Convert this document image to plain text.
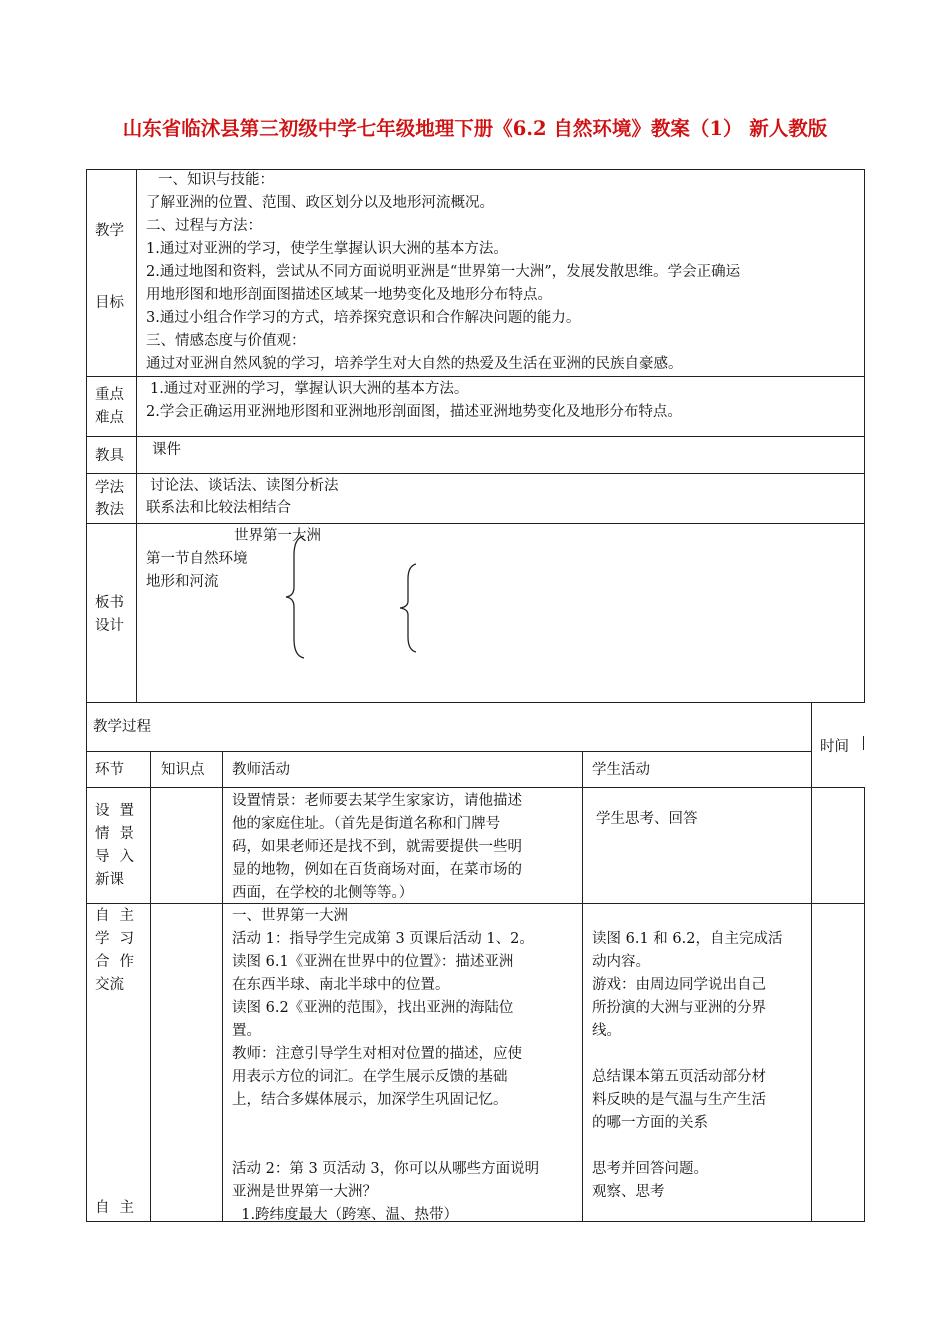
山东省临沭县第三初级中学七年级地理下册《6.2 自然环境》教案（1） 新人教版
教学
目标
一、知识与技能：
了解亚洲的位置、范围、政区划分以及地形河流概况。
二、过程与方法：
1.通过对亚洲的学习，使学生掌握认识大洲的基本方法。
2.通过地图和资料，尝试从不同方面说明亚洲是“世界第一大洲”，发展发散思维。学会正确运
用地形图和地形剖面图描述区域某一地势变化及地形分布特点。
3.通过小组合作学习的方式，培养探究意识和合作解决问题的能力。
三、情感态度与价值观：
通过对亚洲自然风貌的学习，培养学生对大自然的热爱及生活在亚洲的民族自豪感。
重点
难点
1.通过对亚洲的学习，掌握认识大洲的基本方法。
2.学会正确运用亚洲地形图和亚洲地形剖面图，描述亚洲地势变化及地形分布特点。
教具 课件
学法
教法
讨论法、谈话法、读图分析法
联系法和比较法相结合
板书
设计
世界第一大洲
第一节自然环境
地形和河流
教学过程
时间
环节	知识点 教师活动	学生活动
设置
情景
导入
新课
设置情景：老师要去某学生家家访，请他描述
他的家庭住址。（首先是街道名称和门牌号
码，如果老师还是找不到，就需要提供一些明
显的地物，例如在百货商场对面，在菜市场的
西面，在学校的北侧等等。）
学生思考、回答
自主
学习
合作
交流
自主
一、世界第一大洲
活动 1：指导学生完成第 3 页课后活动 1、2。
读图 6.1《亚洲在世界中的位置》：描述亚洲
在东西半球、南北半球中的位置。
读图 6.2《亚洲的范围》，找出亚洲的海陆位
置。
教师：注意引导学生对相对位置的描述，应使
用表示方位的词汇。在学生展示反馈的基础
上，结合多媒体展示，加深学生巩固记忆。
活动 2：第 3 页活动 3，你可以从哪些方面说明
亚洲是世界第一大洲？
1.跨纬度最大（跨寒、温、热带）
读图 6.1 和 6.2，自主完成活
动内容。
游戏：由周边同学说出自己
所扮演的大洲与亚洲的分界
线。
总结课本第五页活动部分材
料反映的是气温与生产生活
的哪一方面的关系
思考并回答问题。
观察、思考
